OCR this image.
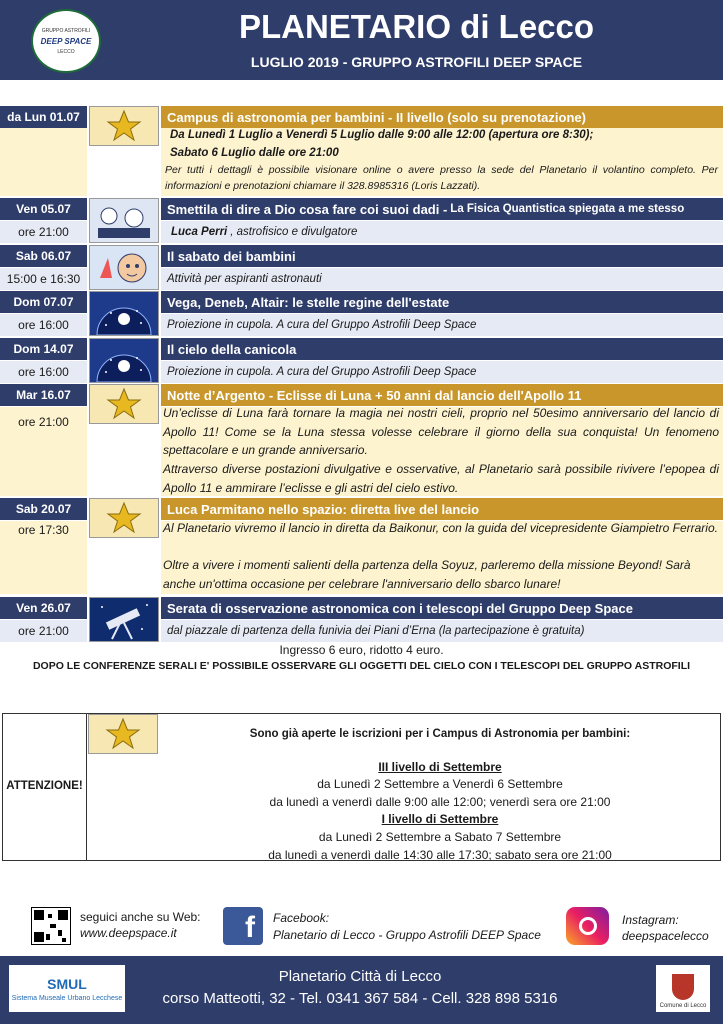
GRUPPO ASTROFILI
DEEP SPACE
LECCO
PLANETARIO di Lecco
LUGLIO 2019 - GRUPPO ASTROFILI DEEP SPACE
da Lun 01.07	Campus di astronomia per bambini - II livello (solo su prenotazione)
Da Lunedì 1 Luglio a Venerdì 5 Luglio dalle 9:00 alle 12:00 (apertura ore 8:30);
Sabato 6 Luglio dalle ore 21:00
Per tutti i dettagli è possibile visionare online o avere presso la sede del Planetario il volantino completo. Per informazioni e prenotazioni chiamare il 328.8985316 (Loris Lazzati).
Ven 05.07
ore 21:00
Smettila di dire a Dio cosa fare coi suoi dadi - La Fisica Quantistica spiegata a me stesso
Luca Perri , astrofisico e divulgatore
Sab 06.07
15:00 e 16:30
Il sabato dei bambini
Attività per aspiranti astronauti
Dom 07.07
ore 16:00
Vega, Deneb, Altair: le stelle regine dell'estate
Proiezione in cupola. A cura del Gruppo Astrofili Deep Space
Dom 14.07
ore 16:00
Il cielo della canicola
Proiezione in cupola. A cura del Gruppo Astrofili Deep Space
Mar 16.07
ore 21:00
Notte d’Argento - Eclisse di Luna + 50 anni dal lancio dell'Apollo 11
Un’eclisse di Luna farà tornare la magia nei nostri cieli, proprio nel 50esimo anniversario del lancio di Apollo 11! Come se la Luna stessa volesse celebrare il giorno della sua conquista! Un fenomeno spettacolare e un grande anniversario.
Attraverso diverse postazioni divulgative e osservative, al Planetario sarà possibile rivivere l’epopea di Apollo 11 e ammirare l’eclisse e gli astri del cielo estivo.
Sab 20.07
ore 17:30
Luca Parmitano nello spazio: diretta live del lancio
Al Planetario vivremo il lancio in diretta da Baikonur, con la guida del vicepresidente Giampietro Ferrario.
Oltre a vivere i momenti salienti della partenza della Soyuz, parleremo della missione Beyond! Sarà anche un'ottima occasione per celebrare l'anniversario dello sbarco lunare!
Ven 26.07
ore 21:00
Serata di osservazione astronomica con i telescopi del Gruppo Deep Space
dal piazzale di partenza della funivia dei Piani d’Erna (la partecipazione è gratuita)
Ingresso 6 euro, ridotto 4 euro.
DOPO LE CONFERENZE SERALI E' POSSIBILE OSSERVARE GLI OGGETTI DEL CIELO CON I TELESCOPI DEL GRUPPO ASTROFILI
ATTENZIONE!
Sono già aperte le iscrizioni per i Campus di Astronomia per bambini:
III livello di Settembre
da Lunedì 2 Settembre a Venerdì 6 Settembre
da lunedì a venerdì dalle 9:00 alle 12:00; venerdì sera ore 21:00
I livello di Settembre
da Lunedì 2 Settembre a Sabato 7 Settembre
da lunedì a venerdì dalle 14:30 alle 17:30; sabato sera ore 21:00
seguici anche su Web:
www.deepspace.it	f	Facebook:
Planetario di Lecco - Gruppo Astrofili DEEP Space
Instagram:
deepspacelecco
SMUL
Sistema Museale Urbano Lecchese
Planetario Città di Lecco
corso Matteotti, 32 - Tel. 0341 367 584 - Cell. 328 898 5316	Comune di Lecco
